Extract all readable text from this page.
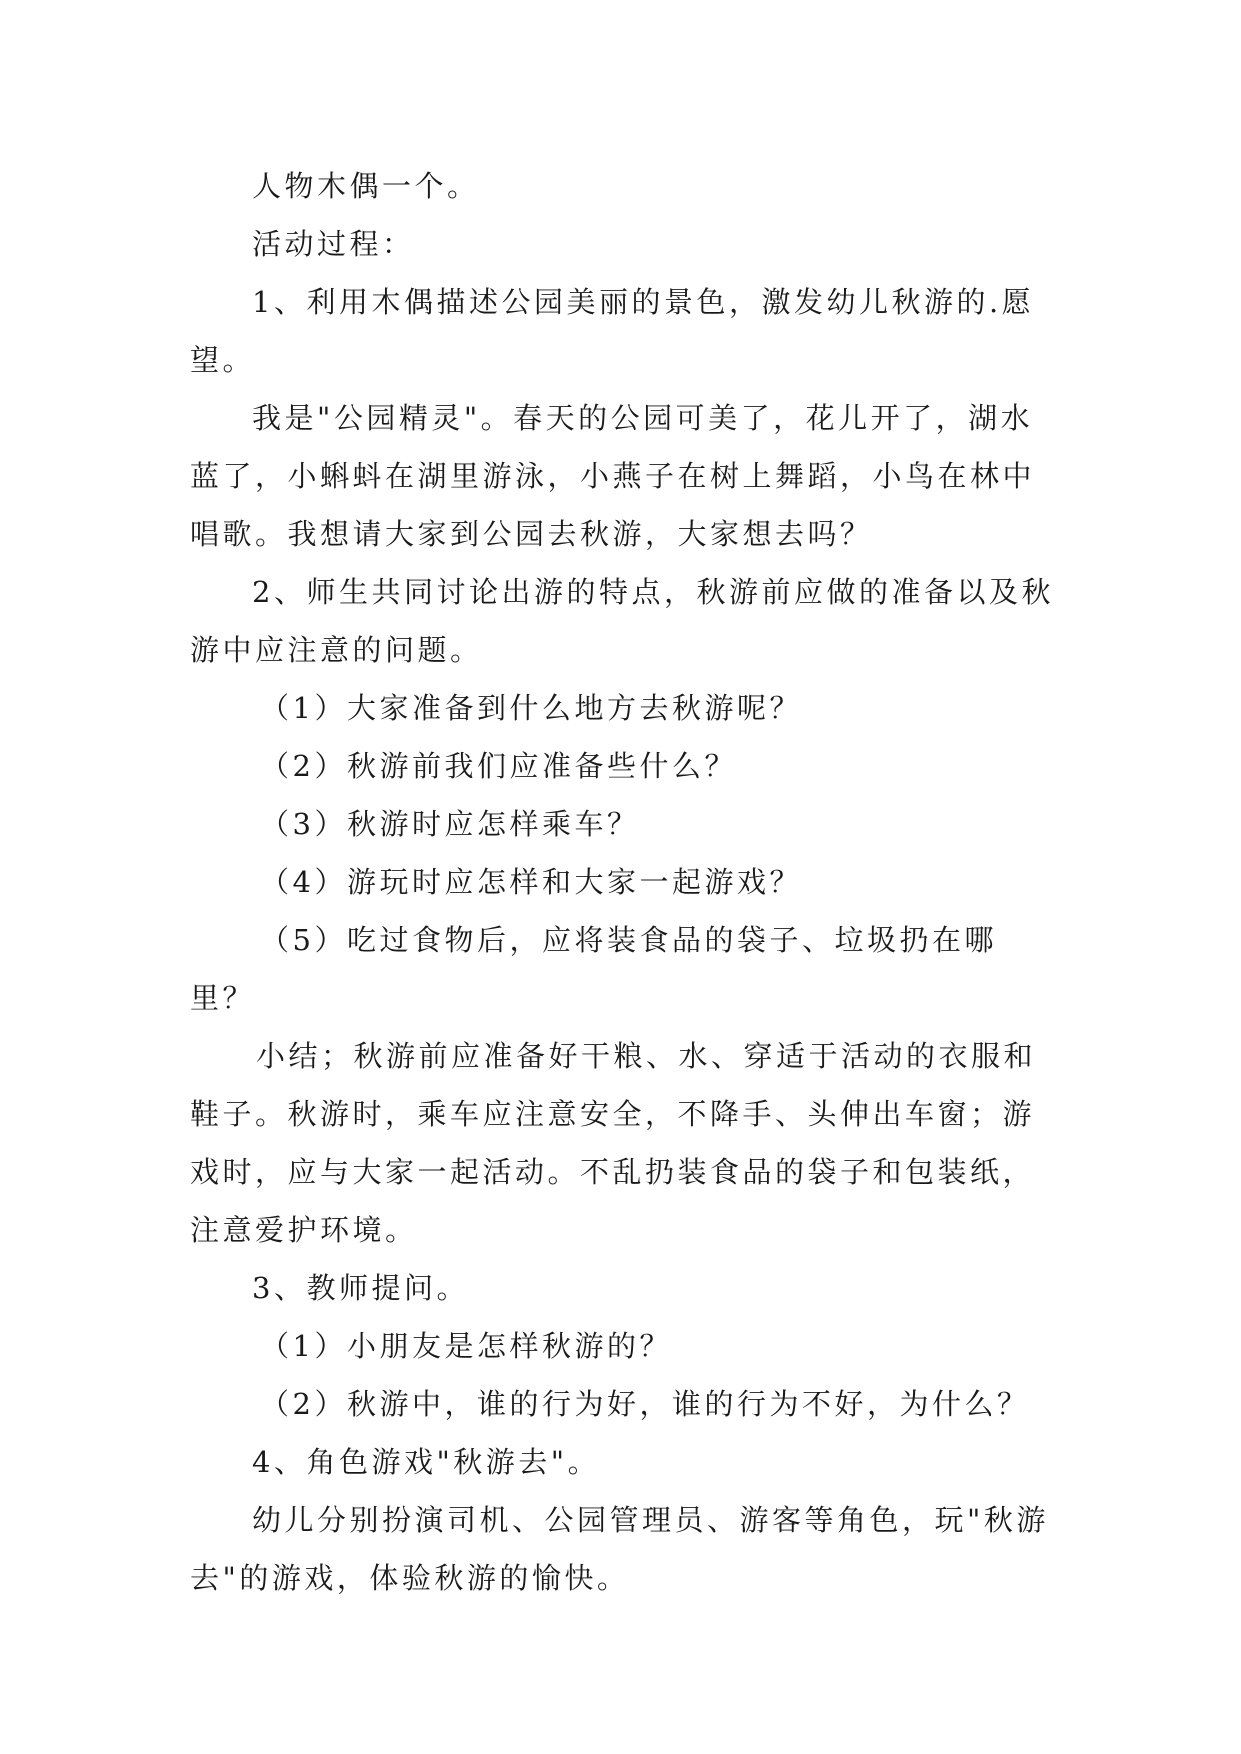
人物木偶一个。

活动过程：

1、利用木偶描述公园美丽的景色，激发幼儿秋游的.愿望。

我是"公园精灵"。春天的公园可美了，花儿开了，湖水蓝了，小蝌蚪在湖里游泳，小燕子在树上舞蹈，小鸟在林中唱歌。我想请大家到公园去秋游，大家想去吗？

2、师生共同讨论出游的特点，秋游前应做的准备以及秋游中应注意的问题。

（1）大家准备到什么地方去秋游呢？

（2）秋游前我们应准备些什么？

（3）秋游时应怎样乘车？

（4）游玩时应怎样和大家一起游戏？

（5）吃过食物后，应将装食品的袋子、垃圾扔在哪里？

小结；秋游前应准备好干粮、水、穿适于活动的衣服和鞋子。秋游时，乘车应注意安全，不降手、头伸出车窗；游戏时，应与大家一起活动。不乱扔装食品的袋子和包装纸，注意爱护环境。

3、教师提问。

（1）小朋友是怎样秋游的？

（2）秋游中，谁的行为好，谁的行为不好，为什么？

4、角色游戏"秋游去"。

幼儿分别扮演司机、公园管理员、游客等角色，玩"秋游去"的游戏，体验秋游的愉快。
